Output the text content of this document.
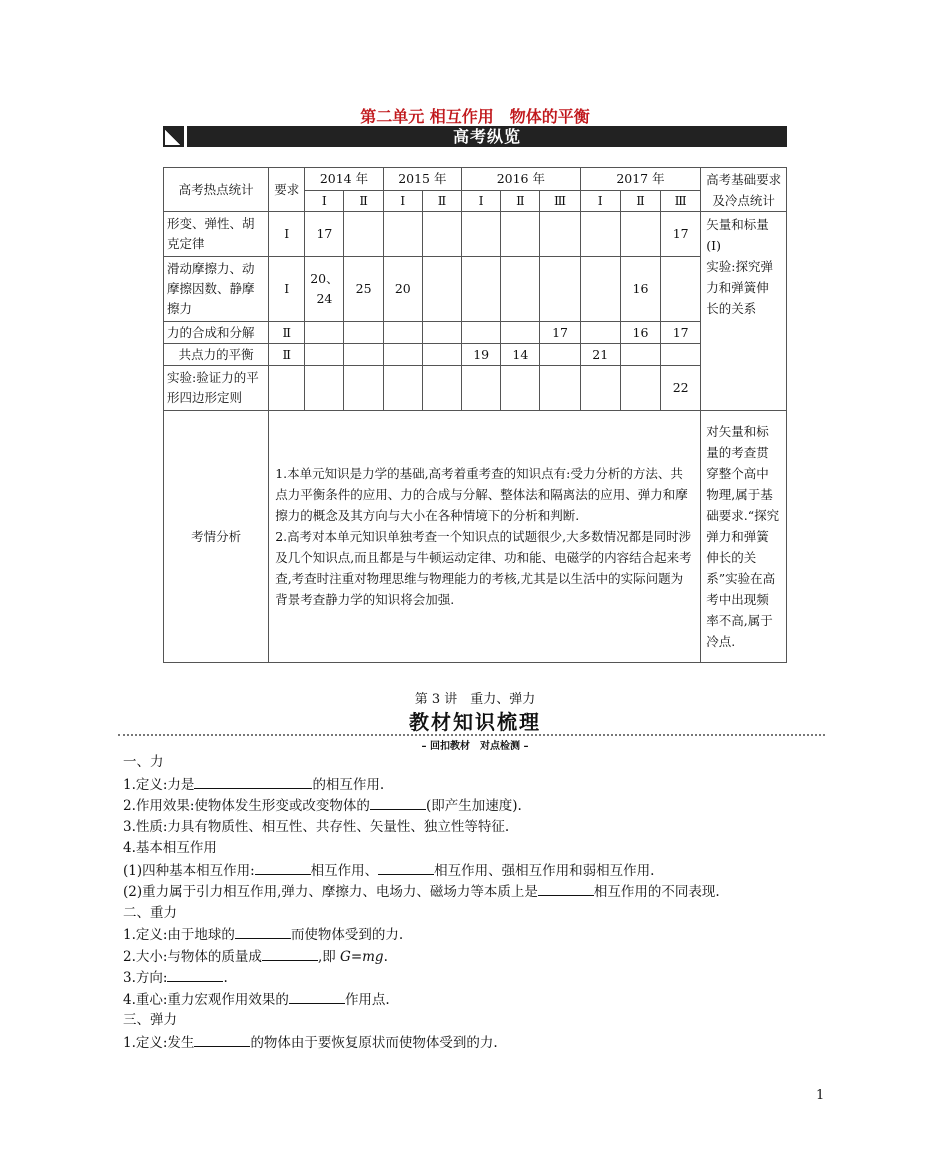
第二单元 相互作用　物体的平衡
高考纵览
高考热点统计	要求	2014 年		2015 年		2016 年			2017 年			高考基础要求及冷点统计
		Ⅰ	Ⅱ	Ⅰ	Ⅱ	Ⅰ	Ⅱ	Ⅲ	Ⅰ	Ⅱ	Ⅲ	
形变、弹性、胡克定律	Ⅰ	17									17	矢量和标量(Ⅰ)
实验:探究弹力和弹簧伸长的关系
滑动摩擦力、动摩擦因数、静摩擦力	Ⅰ	20、24	25	20						16		
力的合成和分解	Ⅱ							17		16	17	
共点力的平衡	Ⅱ					19	14		21			
实验:验证力的平形四边形定则											22	
考情分析	1.本单元知识是力学的基础,高考着重考查的知识点有:受力分析的方法、共点力平衡条件的应用、力的合成与分解、整体法和隔离法的应用、弹力和摩擦力的概念及其方向与大小在各种情境下的分析和判断.
2.高考对本单元知识单独考查一个知识点的试题很少,大多数情况都是同时涉及几个知识点,而且都是与牛顿运动定律、功和能、电磁学的内容结合起来考查,考查时注重对物理思维与物理能力的考核,尤其是以生活中的实际问题为背景考查静力学的知识将会加强.											对矢量和标量的考查贯穿整个高中物理,属于基础要求.“探究弹力和弹簧伸长的关系”实验在高考中出现频率不高,属于冷点.
第 3 讲　重力、弹力
教材知识梳理
– 回扣教材　对点检测 –
一、力
1.定义:力是	的相互作用.
2.作用效果:使物体发生形变或改变物体的	(即产生加速度).
3.性质:力具有物质性、相互性、共存性、矢量性、独立性等特征.
4.基本相互作用
(1)四种基本相互作用:	相互作用、	相互作用、强相互作用和弱相互作用.
(2)重力属于引力相互作用,弹力、摩擦力、电场力、磁场力等本质上是	相互作用的不同表现.
二、重力
1.定义:由于地球的	而使物体受到的力.
2.大小:与物体的质量成	,即 G=mg.
3.方向:	.
4.重心:重力宏观作用效果的	作用点.
三、弹力
1.定义:发生	的物体由于要恢复原状而使物体受到的力.
1
